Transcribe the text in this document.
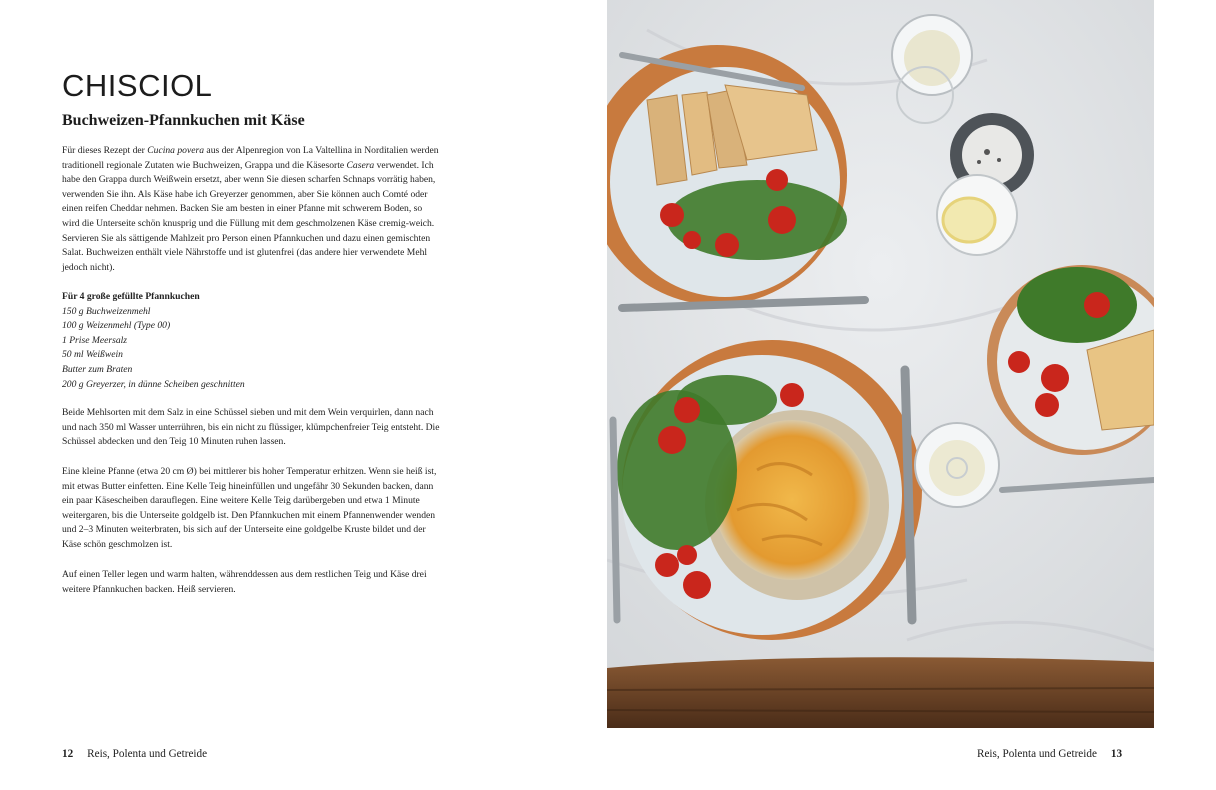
CHISCIOL
Buchweizen-Pfannkuchen mit Käse

Für dieses Rezept der Cucina povera aus der Alpenregion von La Valtellina in Norditalien werden traditionell regionale Zutaten wie Buchweizen, Grappa und die Käsesorte Casera verwendet. Ich habe den Grappa durch Weißwein ersetzt, aber wenn Sie diesen scharfen Schnaps vorrätig haben, verwenden Sie ihn. Als Käse habe ich Greyerzer genommen, aber Sie können auch Comté oder einen reifen Cheddar nehmen. Backen Sie am besten in einer Pfanne mit schwerem Boden, so wird die Unterseite schön knusprig und die Füllung mit dem geschmolzenen Käse cremig-weich. Servieren Sie als sättigende Mahlzeit pro Person einen Pfannkuchen und dazu einen gemischten Salat. Buchweizen enthält viele Nährstoffe und ist glutenfrei (das andere hier verwendete Mehl jedoch nicht).

Für 4 große gefüllte Pfannkuchen
150 g Buchweizenmehl
100 g Weizenmehl (Type 00)
1 Prise Meersalz
50 ml Weißwein
Butter zum Braten
200 g Greyerzer, in dünne Scheiben geschnitten

Beide Mehlsorten mit dem Salz in eine Schüssel sieben und mit dem Wein verquirlen, dann nach und nach 350 ml Wasser unterrühren, bis ein nicht zu flüssiger, klümpchenfreier Teig entsteht. Die Schüssel abdecken und den Teig 10 Minuten ruhen lassen.

Eine kleine Pfanne (etwa 20 cm Ø) bei mittlerer bis hoher Temperatur erhitzen. Wenn sie heiß ist, mit etwas Butter einfetten. Eine Kelle Teig hineinfüllen und ungefähr 30 Sekunden backen, dann ein paar Käsescheiben darauflegen. Eine weitere Kelle Teig darübergeben und etwa 1 Minute weitergaren, bis die Unterseite goldgelb ist. Den Pfannkuchen mit einem Pfannenwender wenden und 2–3 Minuten weiterbraten, bis sich auf der Unterseite eine goldgelbe Kruste bildet und der Käse schön geschmolzen ist.

Auf einen Teller legen und warm halten, währenddessen aus dem restlichen Teig und Käse drei weitere Pfannkuchen backen. Heiß servieren.

12 Reis, Polenta und Getreide	Reis, Polenta und Getreide 13
